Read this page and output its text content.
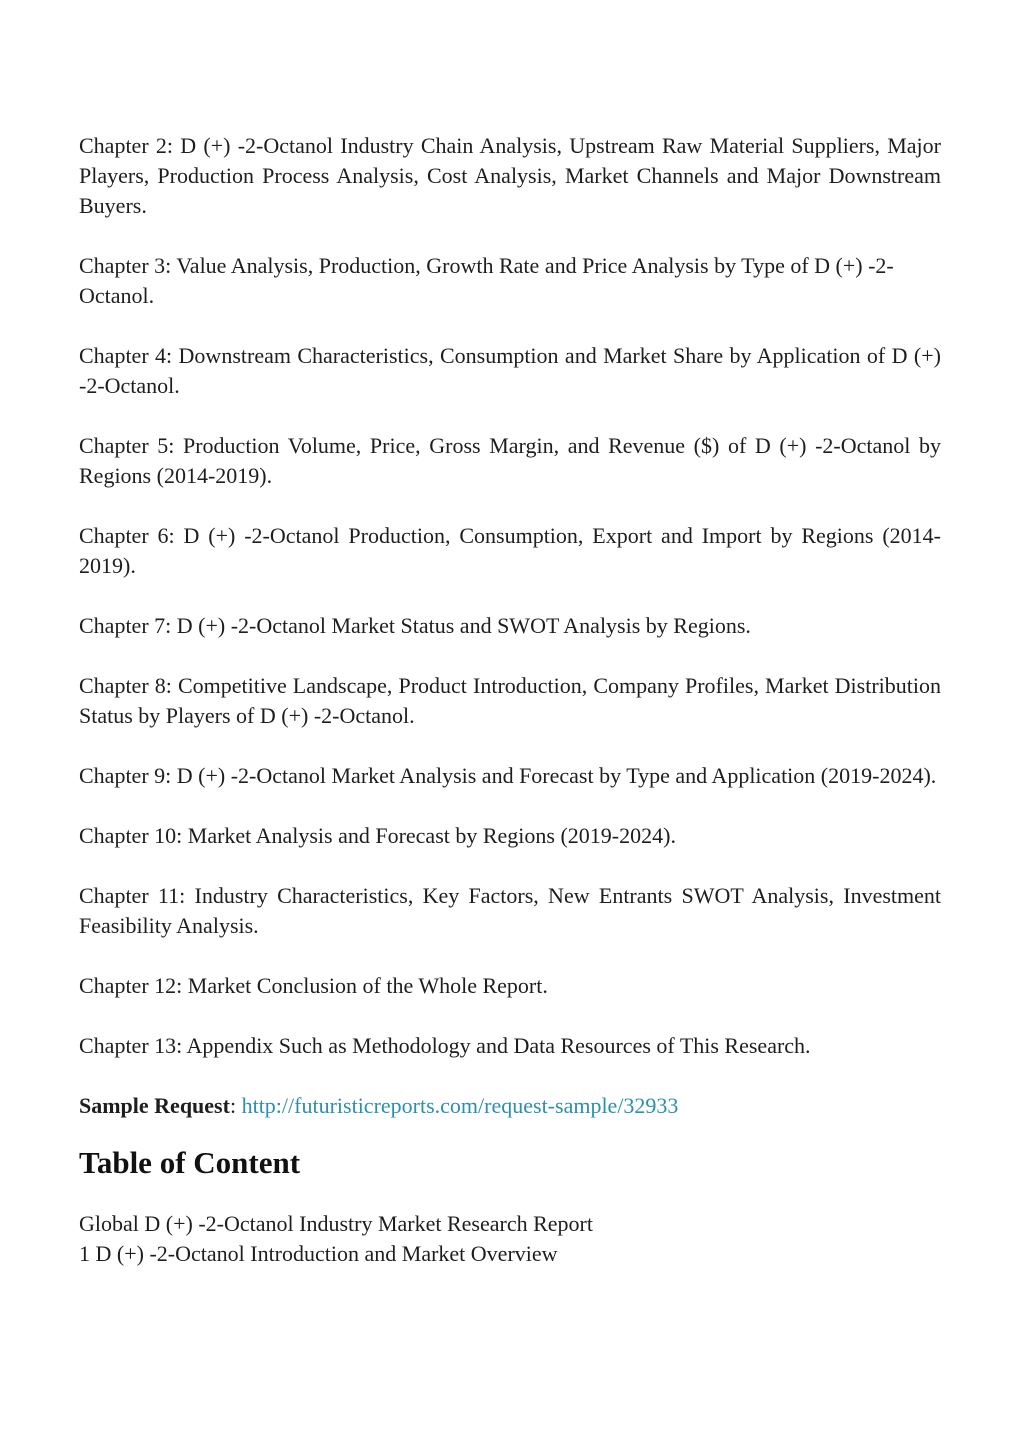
Chapter 2: D (+) -2-Octanol Industry Chain Analysis, Upstream Raw Material Suppliers, Major Players, Production Process Analysis, Cost Analysis, Market Channels and Major Downstream Buyers.

Chapter 3: Value Analysis, Production, Growth Rate and Price Analysis by Type of D (+) -2-Octanol.

Chapter 4: Downstream Characteristics, Consumption and Market Share by Application of D (+) -2-Octanol.

Chapter 5: Production Volume, Price, Gross Margin, and Revenue ($) of D (+) -2-Octanol by Regions (2014-2019).

Chapter 6: D (+) -2-Octanol Production, Consumption, Export and Import by Regions (2014-2019).

Chapter 7: D (+) -2-Octanol Market Status and SWOT Analysis by Regions.

Chapter 8: Competitive Landscape, Product Introduction, Company Profiles, Market Distribution Status by Players of D (+) -2-Octanol.

Chapter 9: D (+) -2-Octanol Market Analysis and Forecast by Type and Application (2019-2024).

Chapter 10: Market Analysis and Forecast by Regions (2019-2024).

Chapter 11: Industry Characteristics, Key Factors, New Entrants SWOT Analysis, Investment Feasibility Analysis.

Chapter 12: Market Conclusion of the Whole Report.

Chapter 13: Appendix Such as Methodology and Data Resources of This Research.

Sample Request: http://futuristicreports.com/request-sample/32933

Table of Content

Global D (+) -2-Octanol Industry Market Research Report

1 D (+) -2-Octanol Introduction and Market Overview
